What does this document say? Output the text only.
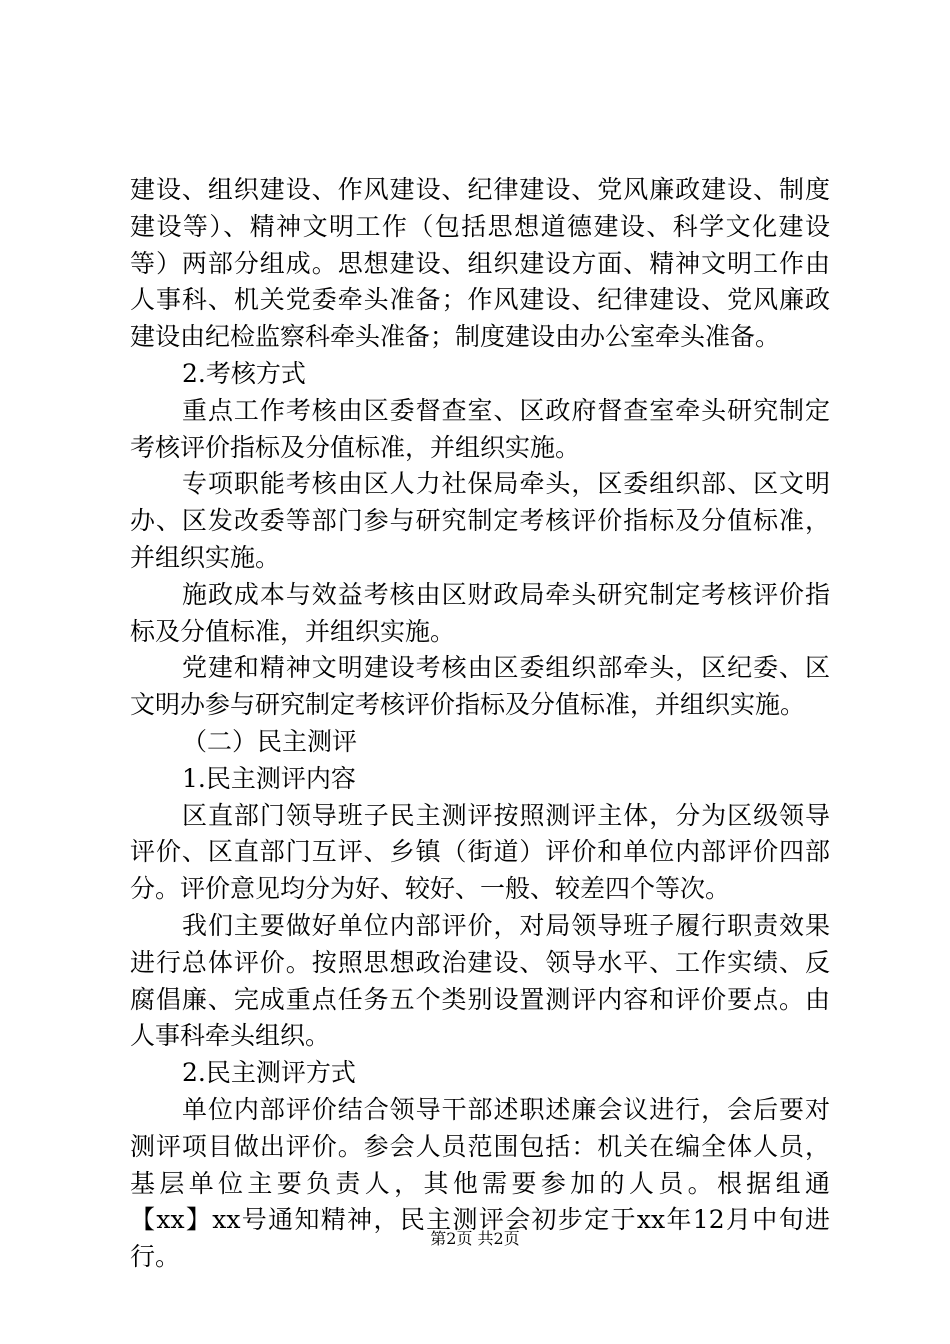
建设、组织建设、作风建设、纪律建设、党风廉政建设、制度
建设等）、精神文明工作（包括思想道德建设、科学文化建设
等）两部分组成。思想建设、组织建设方面、精神文明工作由
人事科、机关党委牵头准备；作风建设、纪律建设、党风廉政
建设由纪检监察科牵头准备；制度建设由办公室牵头准备。
2.考核方式
重点工作考核由区委督查室、区政府督查室牵头研究制定
考核评价指标及分值标准，并组织实施。
专项职能考核由区人力社保局牵头，区委组织部、区文明
办、区发改委等部门参与研究制定考核评价指标及分值标准，
并组织实施。
施政成本与效益考核由区财政局牵头研究制定考核评价指
标及分值标准，并组织实施。
党建和精神文明建设考核由区委组织部牵头，区纪委、区
文明办参与研究制定考核评价指标及分值标准，并组织实施。
（二）民主测评
1.民主测评内容
区直部门领导班子民主测评按照测评主体，分为区级领导
评价、区直部门互评、乡镇（街道）评价和单位内部评价四部
分。评价意见均分为好、较好、一般、较差四个等次。
我们主要做好单位内部评价，对局领导班子履行职责效果
进行总体评价。按照思想政治建设、领导水平、工作实绩、反
腐倡廉、完成重点任务五个类别设置测评内容和评价要点。由
人事科牵头组织。
2.民主测评方式
单位内部评价结合领导干部述职述廉会议进行，会后要对
测评项目做出评价。参会人员范围包括：机关在编全体人员，
基层单位主要负责人，其他需要参加的人员。根据组通
【xx】xx号通知精神，民主测评会初步定于xx年12月中旬进
行。
第2页 共2页
